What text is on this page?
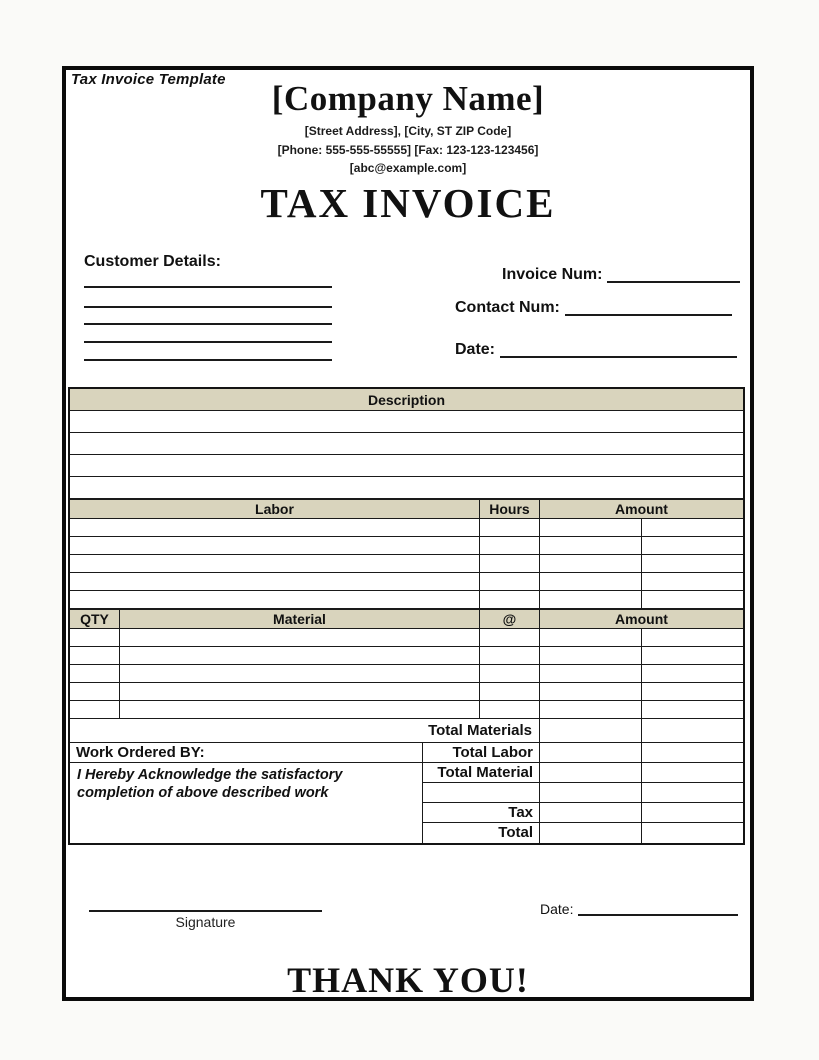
Tax Invoice Template	[Company Name]
[Street Address], [City, ST ZIP Code]
[Phone: 555-555-55555] [Fax: 123-123-123456]
[abc@example.com]
TAX INVOICE
Customer Details:
Invoice Num:
Contact Num:
Date:
Description
Labor	Hours	Amount
QTY	Material	@	Amount
Total Materials
Work Ordered BY:
I Hereby Acknowledge the satisfactory completion of above described work
Total Labor
Total Material
Tax
Total
Signature
Date:
THANK YOU!
